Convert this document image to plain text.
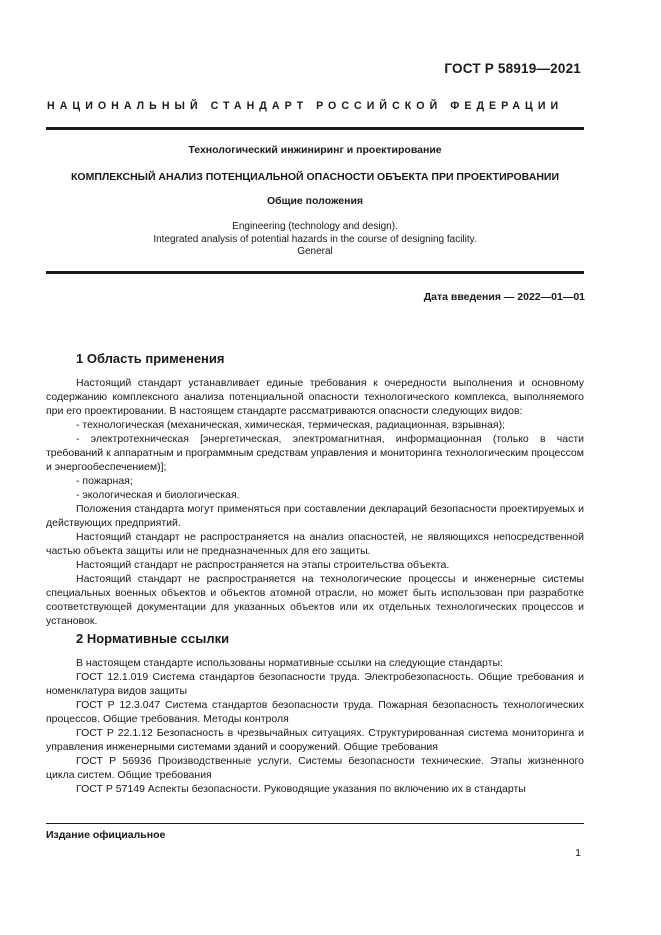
ГОСТ Р 58919—2021
НАЦИОНАЛЬНЫЙ СТАНДАРТ РОССИЙСКОЙ ФЕДЕРАЦИИ
Технологический инжиниринг и проектирование
КОМПЛЕКСНЫЙ АНАЛИЗ ПОТЕНЦИАЛЬНОЙ ОПАСНОСТИ ОБЪЕКТА ПРИ ПРОЕКТИРОВАНИИ
Общие положения
Engineering (technology and design).
Integrated analysis of potential hazards in the course of designing facility.
General
Дата введения — 2022—01—01
1 Область применения

Настоящий стандарт устанавливает единые требования к очередности выполнения и основному содержанию комплексного анализа потенциальной опасности технологического комплекса, выполняемого при его проектировании. В настоящем стандарте рассматриваются опасности следующих видов:

- технологическая (механическая, химическая, термическая, радиационная, взрывная);

- электротехническая [энергетическая, электромагнитная, информационная (только в части требований к аппаратным и программным средствам управления и мониторинга технологическим процессом и энергообеспечением)];

- пожарная;

- экологическая и биологическая.

Положения стандарта могут применяться при составлении деклараций безопасности проектируемых и действующих предприятий.

Настоящий стандарт не распространяется на анализ опасностей, не являющихся непосредственной частью объекта защиты или не предназначенных для его защиты.

Настоящий стандарт не распространяется на этапы строительства объекта.

Настоящий стандарт не распространяется на технологические процессы и инженерные системы специальных военных объектов и объектов атомной отрасли, но может быть использован при разработке соответствующей документации для указанных объектов или их отдельных технологических процессов и установок.

2 Нормативные ссылки

В настоящем стандарте использованы нормативные ссылки на следующие стандарты:

ГОСТ 12.1.019 Система стандартов безопасности труда. Электробезопасность. Общие требования и номенклатура видов защиты

ГОСТ Р 12.3.047 Система стандартов безопасности труда. Пожарная безопасность технологических процессов. Общие требования. Методы контроля

ГОСТ Р 22.1.12 Безопасность в чрезвычайных ситуациях. Структурированная система мониторинга и управления инженерными системами зданий и сооружений. Общие требования

ГОСТ Р 56936 Производственные услуги. Системы безопасности технические. Этапы жизненного цикла систем. Общие требования

ГОСТ Р 57149 Аспекты безопасности. Руководящие указания по включению их в стандарты

Издание официальное
1
